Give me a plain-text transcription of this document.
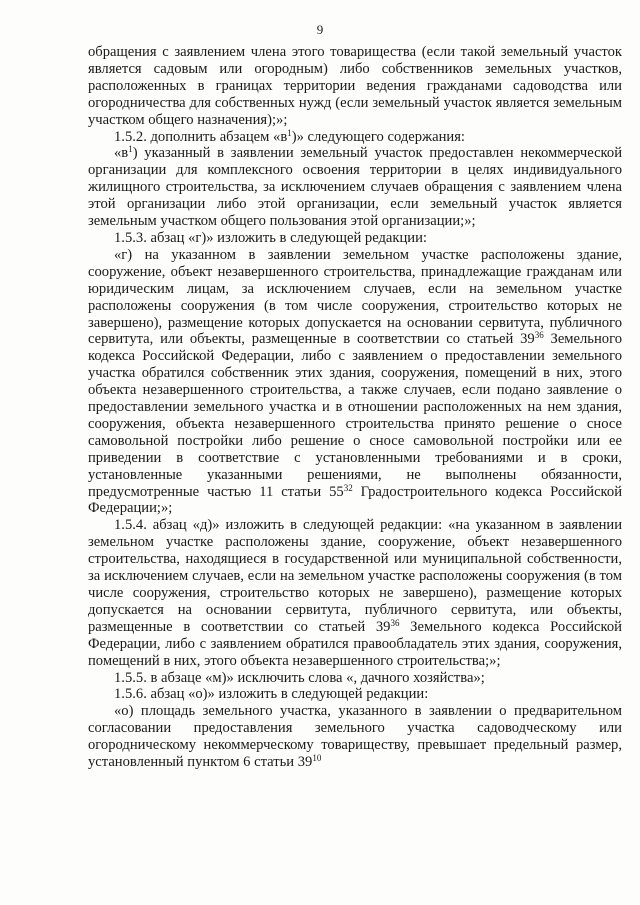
9

обращения с заявлением члена этого товарищества (если такой земельный участок является садовым или огородным) либо собственников земельных участков, расположенных в границах территории ведения гражданами садоводства или огородничества для собственных нужд (если земельный участок является земельным участком общего назначения);»;

1.5.2. дополнить абзацем «$в^1$)» следующего содержания:

«$в^1$) указанный в заявлении земельный участок предоставлен некоммерческой организации для комплексного освоения территории в целях индивидуального жилищного строительства, за исключением случаев обращения с заявлением члена этой организации либо этой организации, если земельный участок является земельным участком общего пользования этой организации;»;

1.5.3. абзац «г)» изложить в следующей редакции:

«г) на указанном в заявлении земельном участке расположены здание, сооружение, объект незавершенного строительства, принадлежащие гражданам или юридическим лицам, за исключением случаев, если на земельном участке расположены сооружения (в том числе сооружения, строительство которых не завершено), размещение которых допускается на основании сервитута, публичного сервитута, или объекты, размещенные в соответствии со статьей $39^{36}$ Земельного кодекса Российской Федерации, либо с заявлением о предоставлении земельного участка обратился собственник этих здания, сооружения, помещений в них, этого объекта незавершенного строительства, а также случаев, если подано заявление о предоставлении земельного участка и в отношении расположенных на нем здания, сооружения, объекта незавершенного строительства принято решение о сносе самовольной постройки либо решение о сносе самовольной постройки или ее приведении в соответствие с установленными требованиями и в сроки, установленные указанными решениями, не выполнены обязанности, предусмотренные частью 11 статьи $55^{32}$ Градостроительного кодекса Российской Федерации;»;

1.5.4. абзац «д)» изложить в следующей редакции: «на указанном в заявлении земельном участке расположены здание, сооружение, объект незавершенного строительства, находящиеся в государственной или муниципальной собственности, за исключением случаев, если на земельном участке расположены сооружения (в том числе сооружения, строительство которых не завершено), размещение которых допускается на основании сервитута, публичного сервитута, или объекты, размещенные в соответствии со статьей $39^{36}$ Земельного кодекса Российской Федерации, либо с заявлением обратился правообладатель этих здания, сооружения, помещений в них, этого объекта незавершенного строительства;»;

1.5.5. в абзаце «м)» исключить слова «, дачного хозяйства»;

1.5.6. абзац «о)» изложить в следующей редакции:

«о) площадь земельного участка, указанного в заявлении о предварительном согласовании предоставления земельного участка садоводческому или огородническому некоммерческому товариществу, превышает предельный размер, установленный пунктом 6 статьи $39^{10}$
